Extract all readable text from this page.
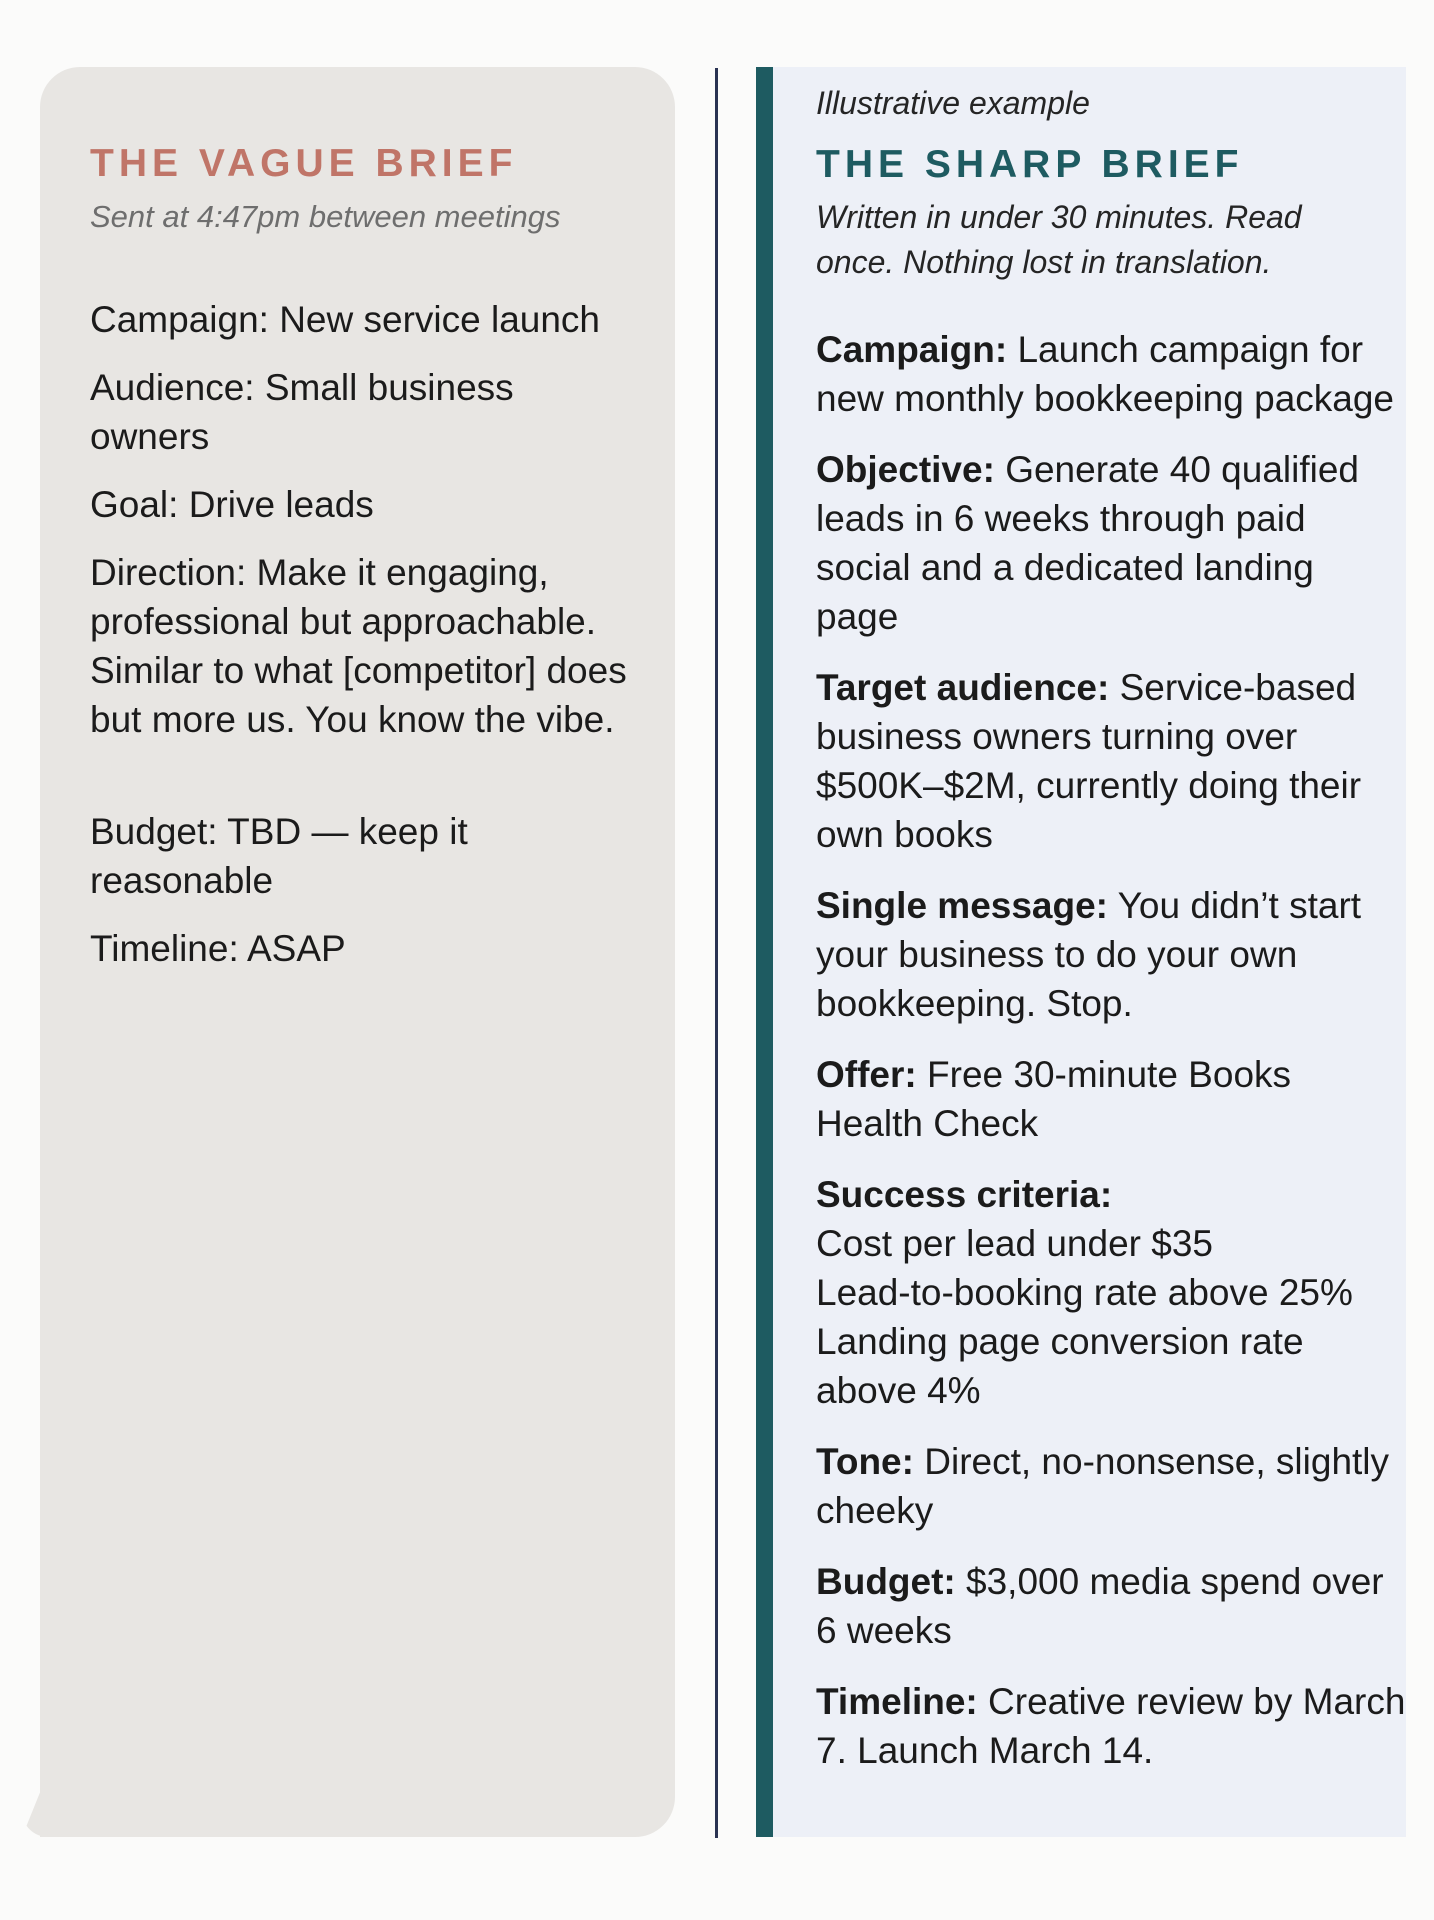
THE VAGUE BRIEF

Sent at 4:47pm between meetings

Campaign: New service launch

Audience: Small business owners

Goal: Drive leads

Direction: Make it engaging, professional but approachable. Similar to what [competitor] does but more us. You know the vibe.

Budget: TBD — keep it reasonable

Timeline: ASAP

Illustrative example

THE SHARP BRIEF

Written in under 30 minutes. Read once. Nothing lost in translation.

Campaign: Launch campaign for new monthly bookkeeping package

Objective: Generate 40 qualified leads in 6 weeks through paid social and a dedicated landing page

Target audience: Service-based business owners turning over $500K–$2M, currently doing their own books

Single message: You didn’t start your business to do your own bookkeeping. Stop.

Offer: Free 30-minute Books Health Check

Success criteria:
Cost per lead under $35
Lead-to-booking rate above 25%
Landing page conversion rate above 4%

Tone: Direct, no-nonsense, slightly cheeky

Budget: $3,000 media spend over 6 weeks

Timeline: Creative review by March 7. Launch March 14.
